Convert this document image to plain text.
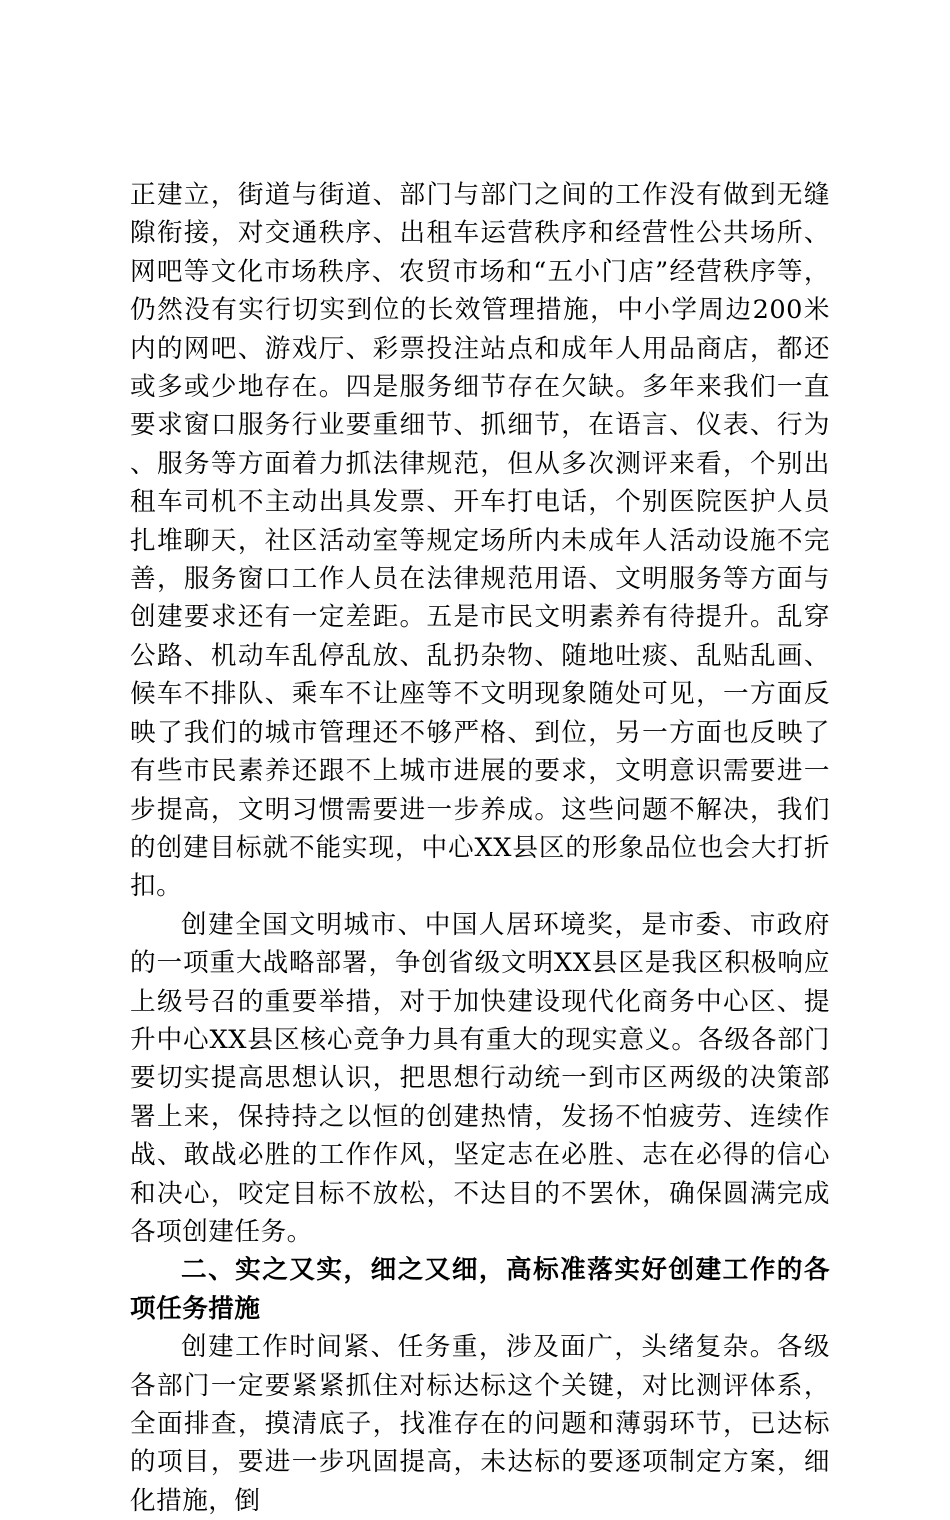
正建立，街道与街道、部门与部门之间的工作没有做到无缝隙衔接，对交通秩序、出租车运营秩序和经营性公共场所、网吧等文化市场秩序、农贸市场和“五小门店”经营秩序等，仍然没有实行切实到位的长效管理措施，中小学周边200米内的网吧、游戏厅、彩票投注站点和成年人用品商店，都还或多或少地存在。四是服务细节存在欠缺。多年来我们一直要求窗口服务行业要重细节、抓细节，在语言、仪表、行为、服务等方面着力抓法律规范，但从多次测评来看，个别出租车司机不主动出具发票、开车打电话，个别医院医护人员扎堆聊天，社区活动室等规定场所内未成年人活动设施不完善，服务窗口工作人员在法律规范用语、文明服务等方面与创建要求还有一定差距。五是市民文明素养有待提升。乱穿公路、机动车乱停乱放、乱扔杂物、随地吐痰、乱贴乱画、候车不排队、乘车不让座等不文明现象随处可见，一方面反映了我们的城市管理还不够严格、到位，另一方面也反映了有些市民素养还跟不上城市进展的要求，文明意识需要进一步提高，文明习惯需要进一步养成。这些问题不解决，我们的创建目标就不能实现，中心XX县区的形象品位也会大打折扣。

创建全国文明城市、中国人居环境奖，是市委、市政府的一项重大战略部署，争创省级文明XX县区是我区积极响应上级号召的重要举措，对于加快建设现代化商务中心区、提升中心XX县区核心竞争力具有重大的现实意义。各级各部门要切实提高思想认识，把思想行动统一到市区两级的决策部署上来，保持持之以恒的创建热情，发扬不怕疲劳、连续作战、敢战必胜的工作作风，坚定志在必胜、志在必得的信心和决心，咬定目标不放松，不达目的不罢休，确保圆满完成各项创建任务。

二、实之又实，细之又细，高标准落实好创建工作的各项任务措施

创建工作时间紧、任务重，涉及面广，头绪复杂。各级各部门一定要紧紧抓住对标达标这个关键，对比测评体系，全面排查，摸清底子，找准存在的问题和薄弱环节，已达标的项目，要进一步巩固提高，未达标的要逐项制定方案，细化措施，倒
